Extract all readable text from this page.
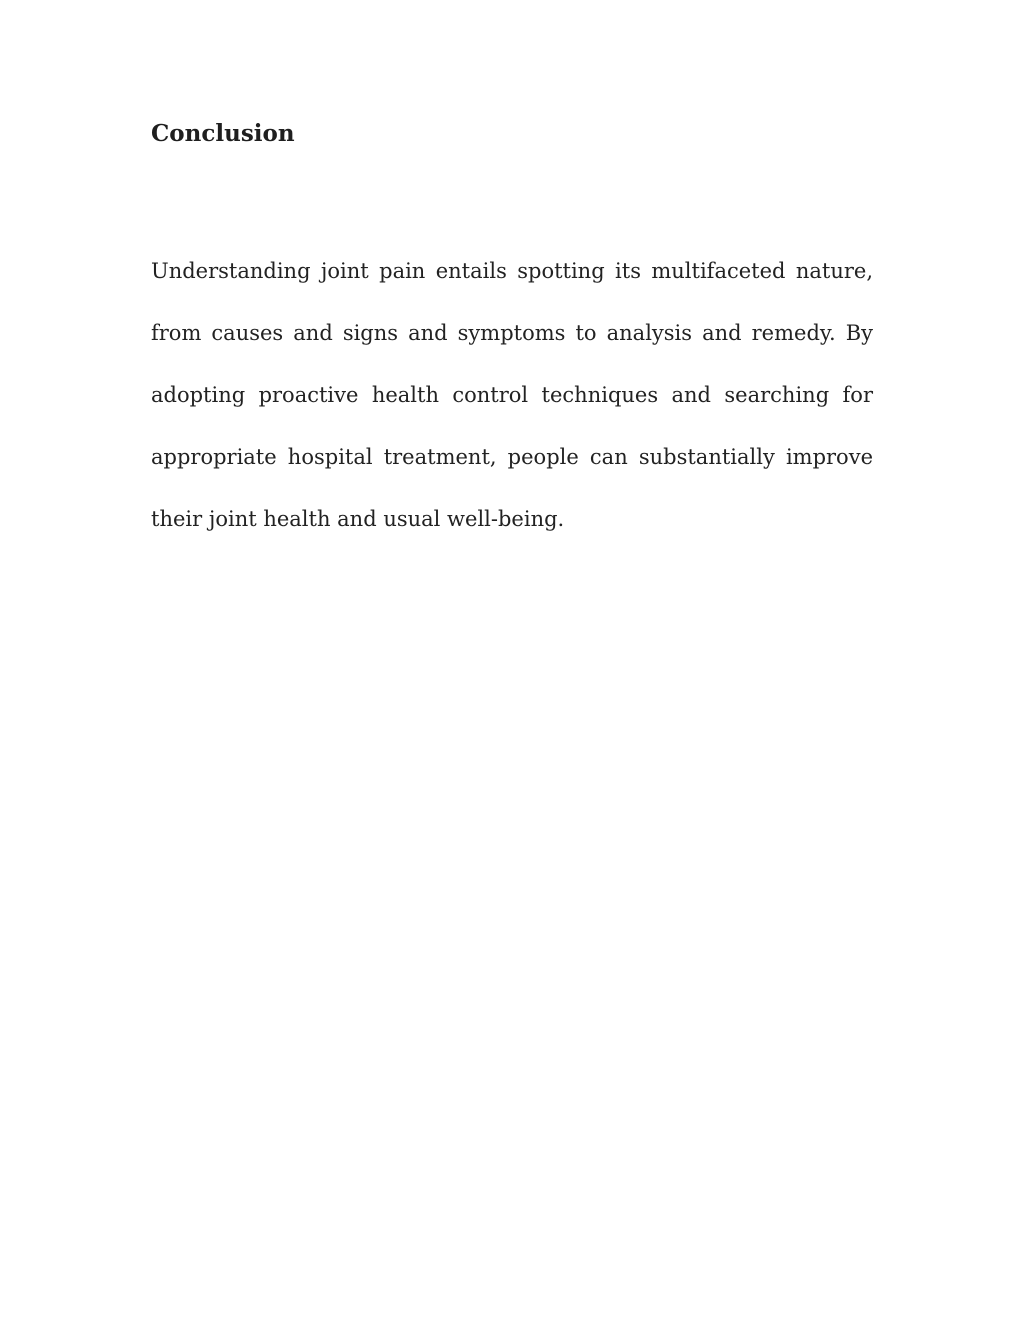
Conclusion
Understanding joint pain entails spotting its multifaceted nature,
from causes and signs and symptoms to analysis and remedy. By
adopting proactive health control techniques and searching for
appropriate hospital treatment, people can substantially improve
their joint health and usual well-being.
